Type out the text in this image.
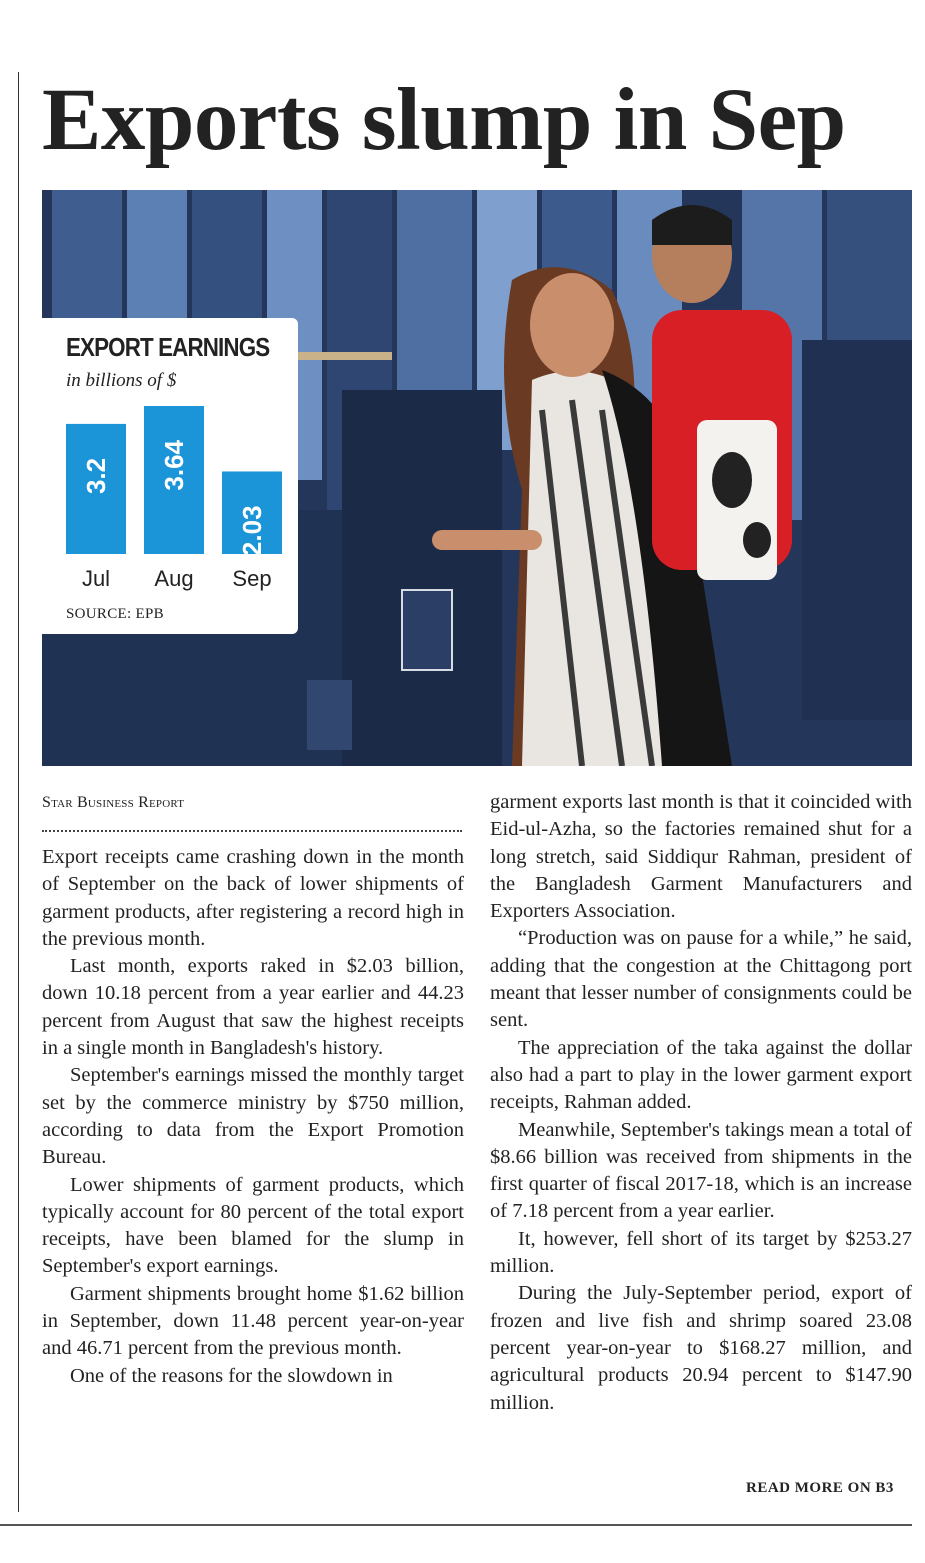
Exports slump in Sep
EXPORT EARNINGS
in billions of $
3.2
Jul
3.64
Aug
2.03
Sep
SOURCE: EPB
Star Business Report

Export receipts came crashing down in the month of September on the back of lower shipments of garment products, after registering a record high in the previous month.

Last month, exports raked in $2.03 billion, down 10.18 percent from a year earlier and 44.23 percent from August that saw the highest receipts in a single month in Bangladesh's history.

September's earnings missed the monthly target set by the commerce ministry by $750 million, according to data from the Export Promotion Bureau.

Lower shipments of garment products, which typically account for 80 percent of the total export receipts, have been blamed for the slump in September's export earnings.

Garment shipments brought home $1.62 billion in September, down 11.48 percent year-on-year and 46.71 percent from the previous month.

One of the reasons for the slowdown in

garment exports last month is that it coincided with Eid-ul-Azha, so the factories remained shut for a long stretch, said Siddiqur Rahman, president of the Bangladesh Garment Manufacturers and Exporters Association.

“Production was on pause for a while,” he said, adding that the congestion at the Chittagong port meant that lesser number of consignments could be sent.

The appreciation of the taka against the dollar also had a part to play in the lower garment export receipts, Rahman added.

Meanwhile, September's takings mean a total of $8.66 billion was received from shipments in the first quarter of fiscal 2017-18, which is an increase of 7.18 percent from a year earlier.

It, however, fell short of its target by $253.27 million.

During the July-September period, export of frozen and live fish and shrimp soared 23.08 percent year-on-year to $168.27 million, and agricultural products 20.94 percent to $147.90 million.

READ MORE ON B3
